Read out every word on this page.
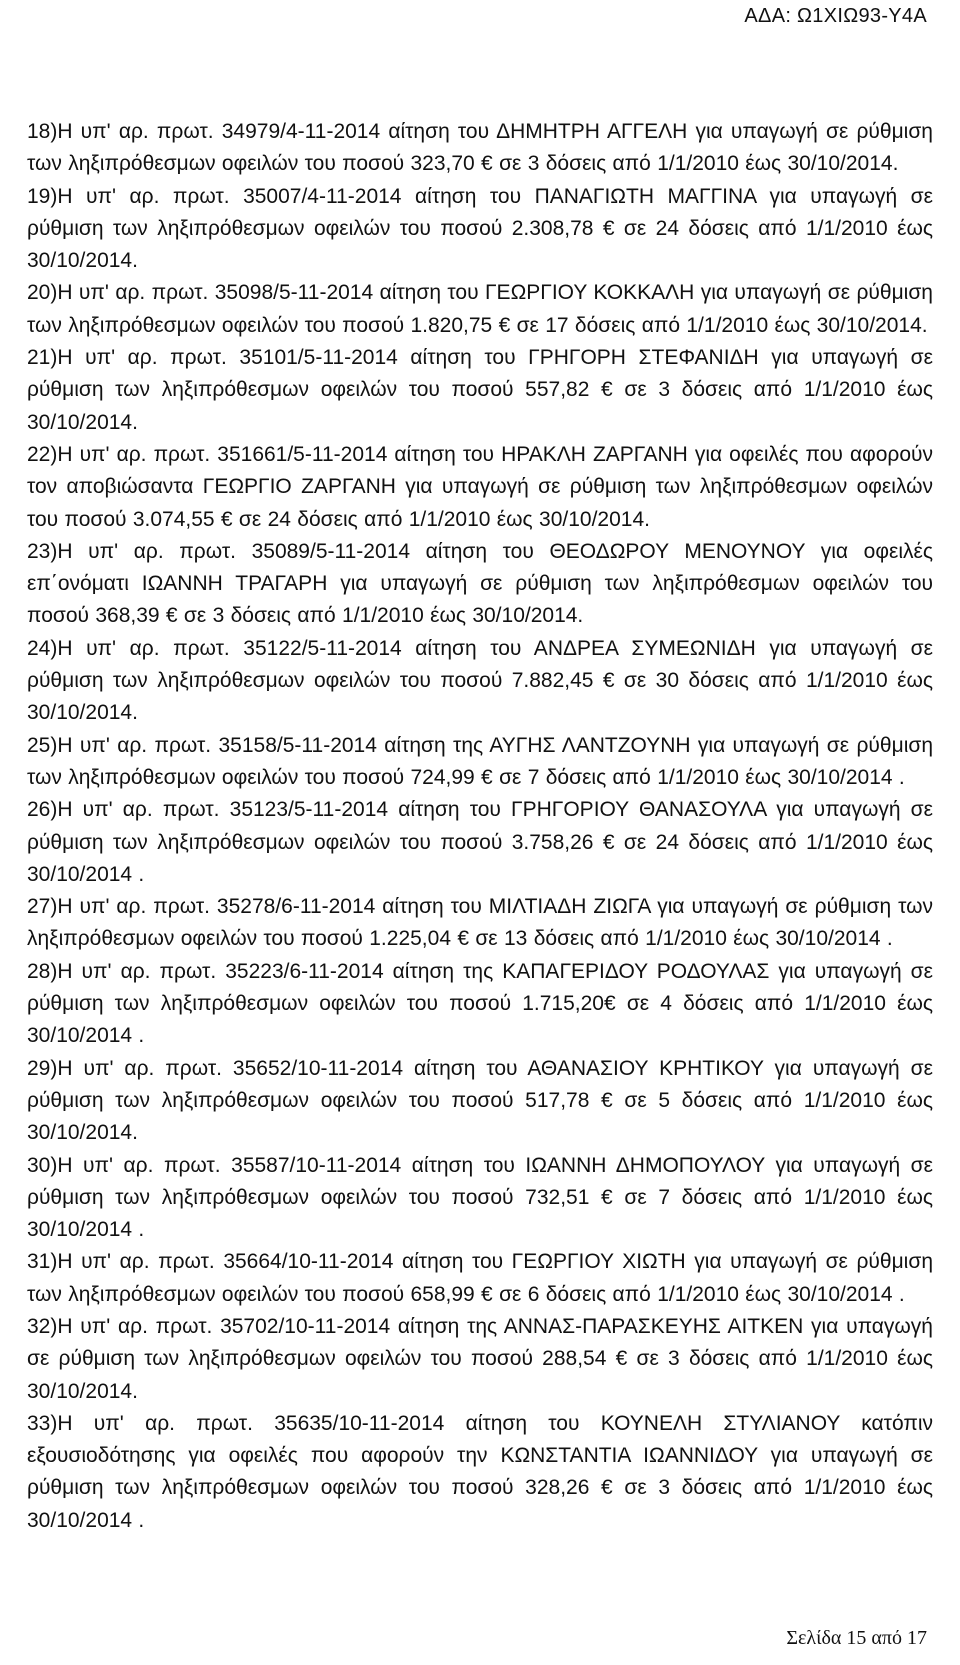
ΑΔΑ: Ω1ΧΙΩ93-Υ4Α

18)Η υπ' αρ. πρωτ. 34979/4-11-2014 αίτηση του ΔΗΜΗΤΡΗ ΑΓΓΕΛΗ για υπαγωγή σε ρύθμιση των ληξιπρόθεσμων οφειλών του ποσού 323,70 € σε 3 δόσεις από 1/1/2010 έως 30/10/2014.

19)Η υπ' αρ. πρωτ. 35007/4-11-2014 αίτηση του ΠΑΝΑΓΙΩΤΗ ΜΑΓΓΙΝΑ για υπαγωγή σε ρύθμιση των ληξιπρόθεσμων οφειλών του ποσού 2.308,78 € σε 24 δόσεις από 1/1/2010 έως 30/10/2014.

20)Η υπ' αρ. πρωτ. 35098/5-11-2014 αίτηση του ΓΕΩΡΓΙΟΥ ΚΟΚΚΑΛΗ για υπαγωγή σε ρύθμιση των ληξιπρόθεσμων οφειλών του ποσού 1.820,75 € σε 17 δόσεις από 1/1/2010 έως 30/10/2014.

21)Η υπ' αρ. πρωτ. 35101/5-11-2014 αίτηση του ΓΡΗΓΟΡΗ ΣΤΕΦΑΝΙΔΗ για υπαγωγή σε ρύθμιση των ληξιπρόθεσμων οφειλών του ποσού 557,82 € σε 3 δόσεις από 1/1/2010 έως 30/10/2014.

22)Η υπ' αρ. πρωτ. 351661/5-11-2014 αίτηση του ΗΡΑΚΛΗ ΖΑΡΓΑΝΗ για οφειλές που αφορούν τον αποβιώσαντα ΓΕΩΡΓΙΟ ΖΑΡΓΑΝΗ για υπαγωγή σε ρύθμιση των ληξιπρόθεσμων οφειλών του ποσού 3.074,55 € σε 24 δόσεις από 1/1/2010 έως 30/10/2014.

23)Η υπ' αρ. πρωτ. 35089/5-11-2014 αίτηση του ΘΕΟΔΩΡΟΥ ΜΕΝΟΥΝΟΥ για οφειλές επ΄ονόματι ΙΩΑΝΝΗ ΤΡΑΓΑΡΗ για υπαγωγή σε ρύθμιση των ληξιπρόθεσμων οφειλών του ποσού 368,39 € σε 3 δόσεις από 1/1/2010 έως 30/10/2014.

24)Η υπ' αρ. πρωτ. 35122/5-11-2014 αίτηση του ΑΝΔΡΕΑ ΣΥΜΕΩΝΙΔΗ για υπαγωγή σε ρύθμιση των ληξιπρόθεσμων οφειλών του ποσού 7.882,45 € σε 30 δόσεις από 1/1/2010 έως 30/10/2014.

25)Η υπ' αρ. πρωτ. 35158/5-11-2014 αίτηση της ΑΥΓΗΣ ΛΑΝΤΖΟΥΝΗ για υπαγωγή σε ρύθμιση των ληξιπρόθεσμων οφειλών του ποσού 724,99 € σε 7 δόσεις από 1/1/2010 έως 30/10/2014 .

26)Η υπ' αρ. πρωτ. 35123/5-11-2014 αίτηση του ΓΡΗΓΟΡΙΟΥ ΘΑΝΑΣΟΥΛΑ για υπαγωγή σε ρύθμιση των ληξιπρόθεσμων οφειλών του ποσού 3.758,26 € σε 24 δόσεις από 1/1/2010 έως 30/10/2014 .

27)Η υπ' αρ. πρωτ. 35278/6-11-2014 αίτηση του ΜΙΛΤΙΑΔΗ ΖΙΩΓΑ για υπαγωγή σε ρύθμιση των ληξιπρόθεσμων οφειλών του ποσού 1.225,04 € σε 13 δόσεις από 1/1/2010 έως 30/10/2014 .

28)Η υπ' αρ. πρωτ. 35223/6-11-2014 αίτηση της ΚΑΠΑΓΕΡΙΔΟΥ ΡΟΔΟΥΛΑΣ για υπαγωγή σε ρύθμιση των ληξιπρόθεσμων οφειλών του ποσού 1.715,20€ σε 4 δόσεις από 1/1/2010 έως 30/10/2014 .

29)Η υπ' αρ. πρωτ. 35652/10-11-2014 αίτηση του ΑΘΑΝΑΣΙΟΥ ΚΡΗΤΙΚΟΥ για υπαγωγή σε ρύθμιση των ληξιπρόθεσμων οφειλών του ποσού 517,78 € σε 5 δόσεις από 1/1/2010 έως 30/10/2014.

30)Η υπ' αρ. πρωτ. 35587/10-11-2014 αίτηση του ΙΩΑΝΝΗ ΔΗΜΟΠΟΥΛΟΥ για υπαγωγή σε ρύθμιση των ληξιπρόθεσμων οφειλών του ποσού 732,51 € σε 7 δόσεις από 1/1/2010 έως 30/10/2014 .

31)Η υπ' αρ. πρωτ. 35664/10-11-2014 αίτηση του ΓΕΩΡΓΙΟΥ ΧΙΩΤΗ για υπαγωγή σε ρύθμιση των ληξιπρόθεσμων οφειλών του ποσού 658,99 € σε 6 δόσεις από 1/1/2010 έως 30/10/2014 .

32)Η υπ' αρ. πρωτ. 35702/10-11-2014 αίτηση της ΑΝΝΑΣ-ΠΑΡΑΣΚΕΥΗΣ ΑΙΤΚΕΝ για υπαγωγή σε ρύθμιση των ληξιπρόθεσμων οφειλών του ποσού 288,54 € σε 3 δόσεις από 1/1/2010 έως 30/10/2014.

33)Η υπ' αρ. πρωτ. 35635/10-11-2014 αίτηση του ΚΟΥΝΕΛΗ ΣΤΥΛΙΑΝΟΥ κατόπιν εξουσιοδότησης για οφειλές που αφορούν την ΚΩΝΣΤΑΝΤΙΑ ΙΩΑΝΝΙΔΟΥ για υπαγωγή σε ρύθμιση των ληξιπρόθεσμων οφειλών του ποσού 328,26 € σε 3 δόσεις από 1/1/2010 έως 30/10/2014 .

Σελίδα 15 από 17
